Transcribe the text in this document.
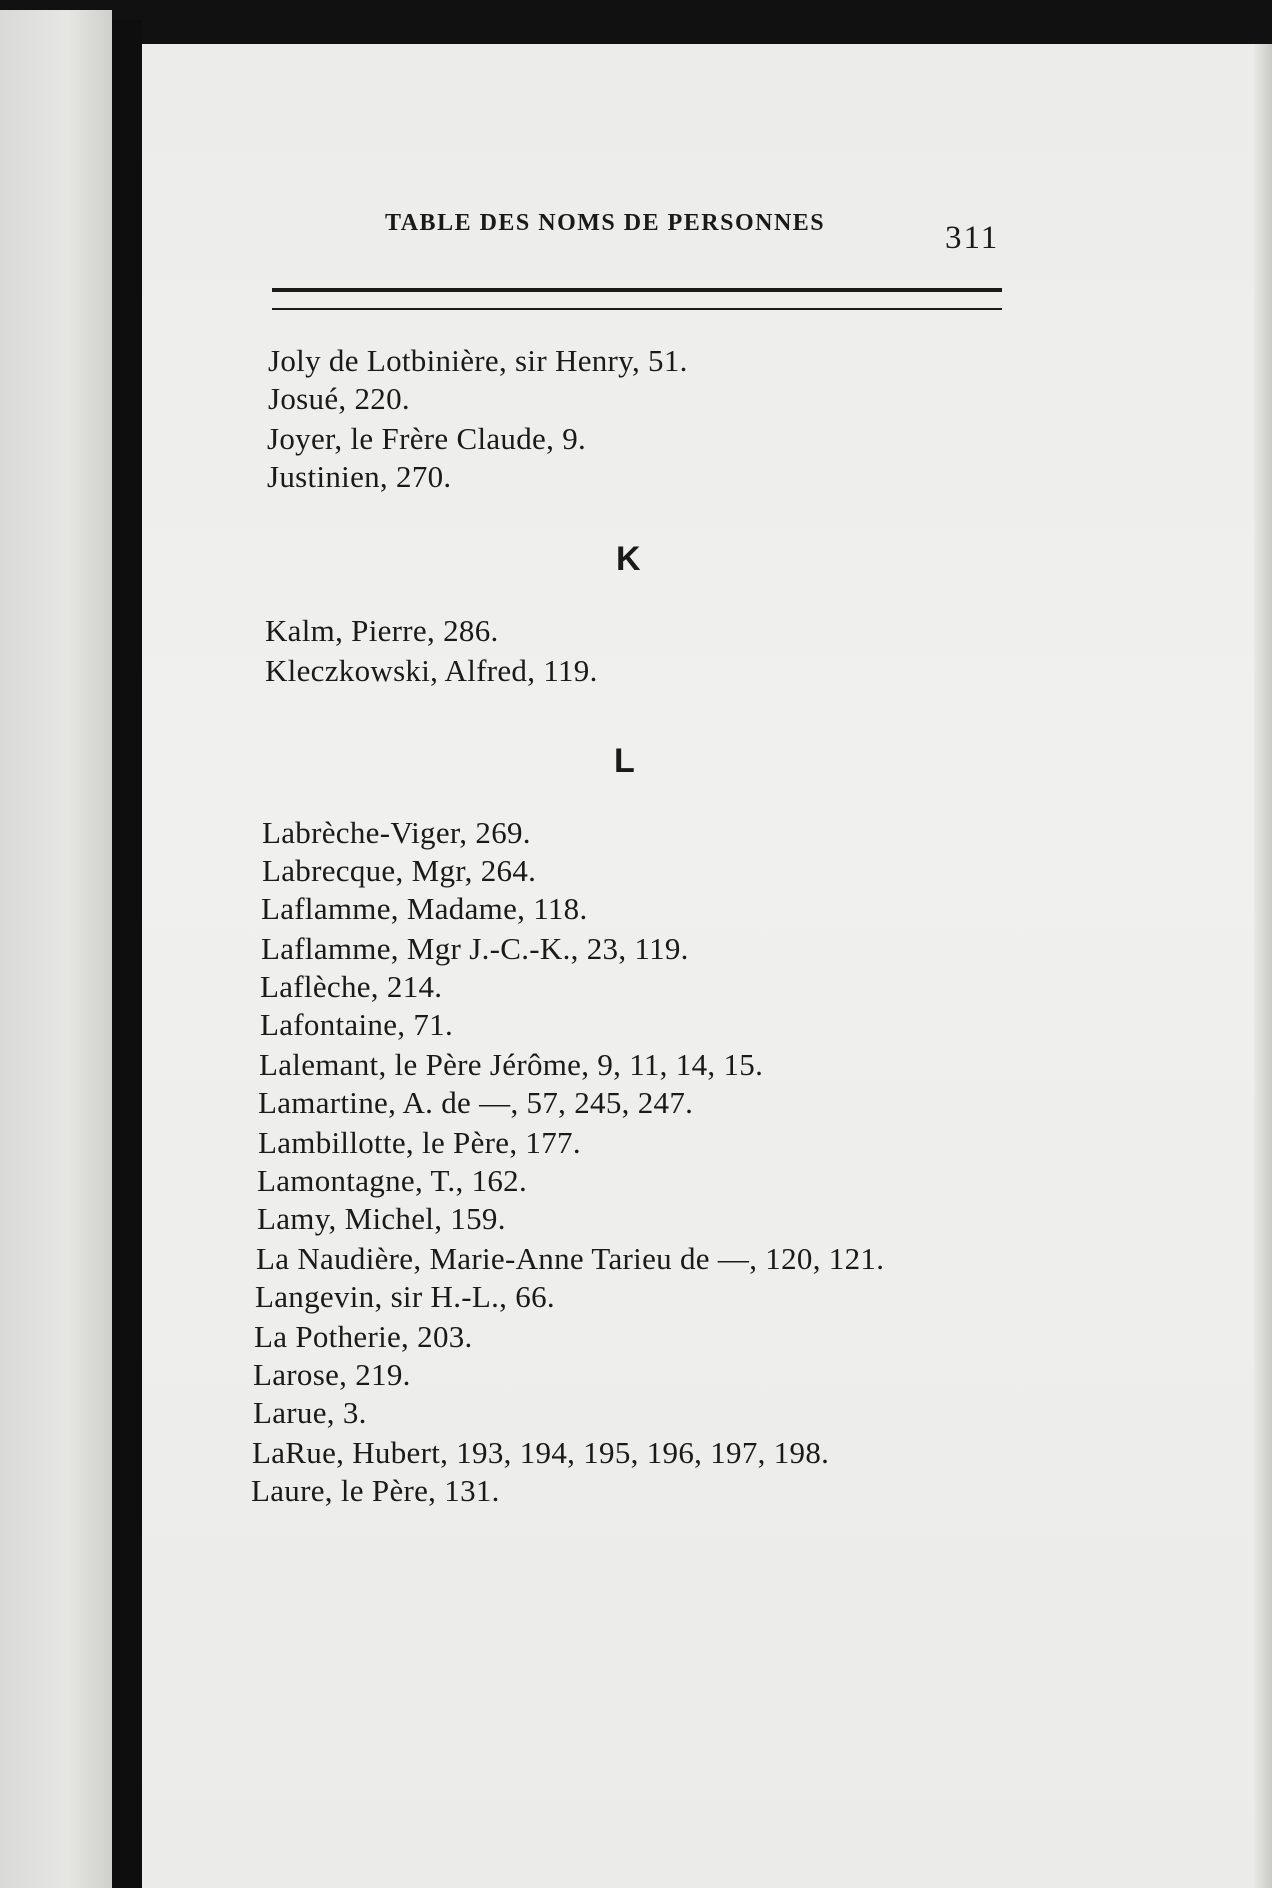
TABLE DES NOMS DE PERSONNES	311
Joly de Lotbinière, sir Henry, 51.
Josué, 220.
Joyer, le Frère Claude, 9.
Justinien, 270.
K
Kalm, Pierre, 286.
Kleczkowski, Alfred, 119.
L
Labrèche-Viger, 269.
Labrecque, Mgr, 264.
Laflamme, Madame, 118.
Laflamme, Mgr J.-C.-K., 23, 119.
Laflèche, 214.
Lafontaine, 71.
Lalemant, le Père Jérôme, 9, 11, 14, 15.
Lamartine, A. de —, 57, 245, 247.
Lambillotte, le Père, 177.
Lamontagne, T., 162.
Lamy, Michel, 159.
La Naudière, Marie-Anne Tarieu de —, 120, 121.
Langevin, sir H.-L., 66.
La Potherie, 203.
Larose, 219.
Larue, 3.
LaRue, Hubert, 193, 194, 195, 196, 197, 198.
Laure, le Père, 131.
